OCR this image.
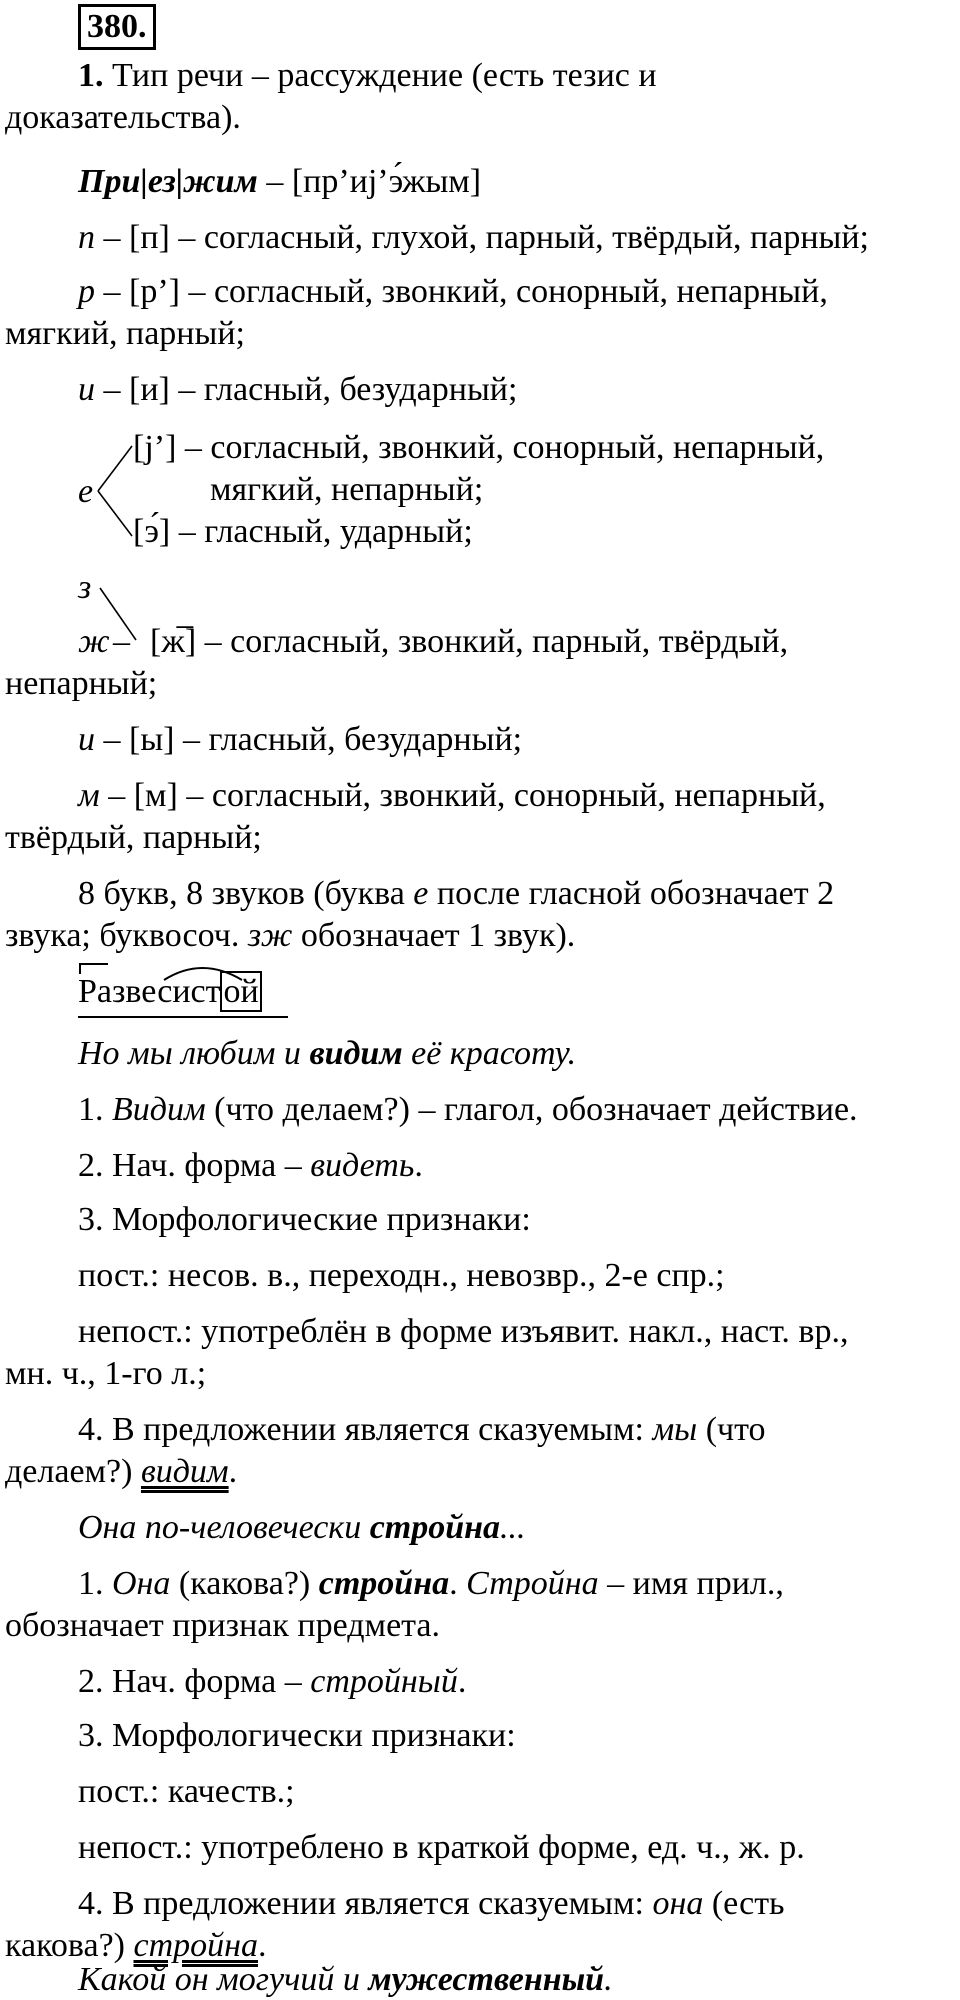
380.
1. Тип речи – рассуждение (есть тезис и
доказательства).
При|ез|жим – [пр’иj’э́жым]
п – [п] – согласный, глухой, парный, твёрдый, парный;
р – [р’] – согласный, звонкий, сонорный, непарный,
мягкий, парный;
и – [и] – гласный, безударный;
е
[j’] – согласный, звонкий, сонорный, непарный,
мягкий, непарный;
[э́] – гласный, ударный;
з
ж – [ж̅] – согласный, звонкий, парный, твёрдый,
непарный;
и – [ы] – гласный, безударный;
м – [м] – согласный, звонкий, сонорный, непарный,
твёрдый, парный;
8 букв, 8 звуков (буква е после гласной обозначает 2
звука; буквосоч. зж обозначает 1 звук).
Развесистой
Но мы любим и видим её красоту.
1. Видим (что делаем?) – глагол, обозначает действие.
2. Нач. форма – видеть.
3. Морфологические признаки:
пост.: несов. в., переходн., невозвр., 2-е спр.;
непост.: употреблён в форме изъявит. накл., наст. вр.,
мн. ч., 1-го л.;
4. В предложении является сказуемым: мы (что
делаем?) видим.
Она по-человечески стройна...
1. Она (какова?) стройна. Стройна – имя прил.,
обозначает признак предмета.
2. Нач. форма – стройный.
3. Морфологически признаки:
пост.: качеств.;
непост.: употреблено в краткой форме, ед. ч., ж. р.
4. В предложении является сказуемым: она (есть
какова?) стройна.
Какой он могучий и мужественный.
